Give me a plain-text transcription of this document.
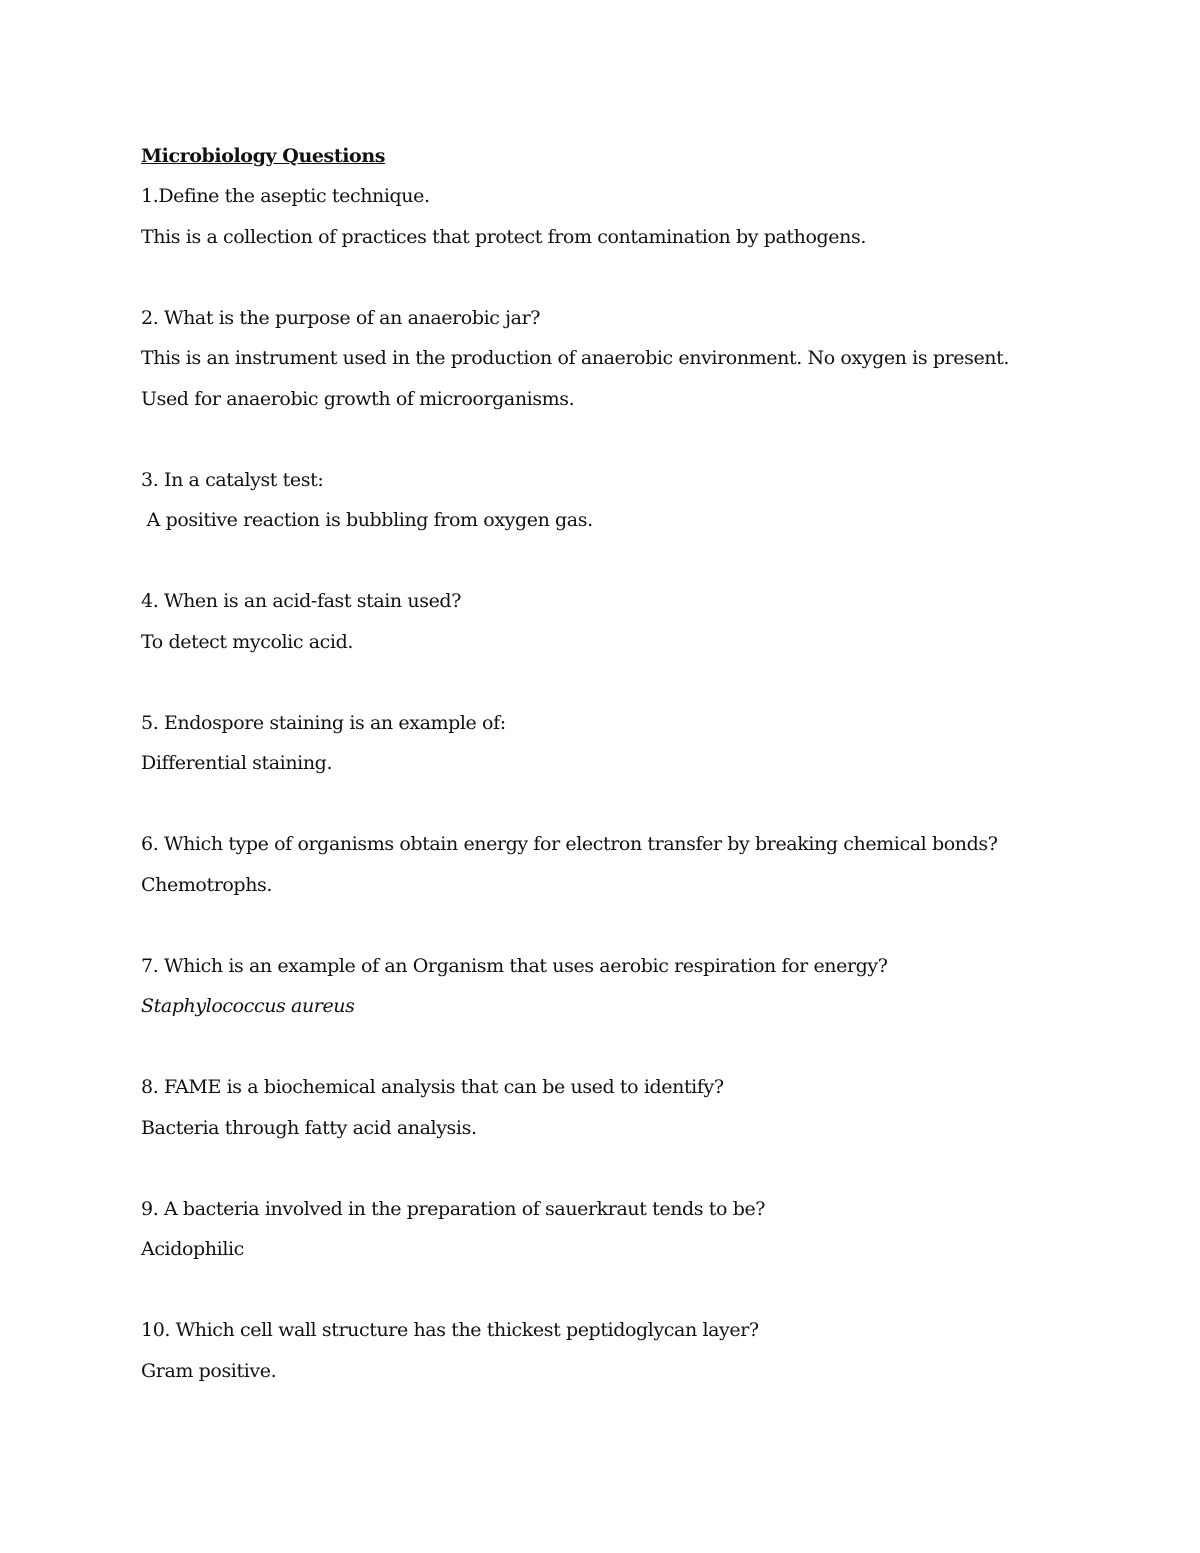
Microbiology Questions
1.Define the aseptic technique.
This is a collection of practices that protect from contamination by pathogens.
2. What is the purpose of an anaerobic jar?
This is an instrument used in the production of anaerobic environment. No oxygen is present.
Used for anaerobic growth of microorganisms.
3. In a catalyst test:
A positive reaction is bubbling from oxygen gas.
4. When is an acid-fast stain used?
To detect mycolic acid.
5. Endospore staining is an example of:
Differential staining.
6. Which type of organisms obtain energy for electron transfer by breaking chemical bonds?
Chemotrophs.
7. Which is an example of an Organism that uses aerobic respiration for energy?
Staphylococcus aureus
8. FAME is a biochemical analysis that can be used to identify?
Bacteria through fatty acid analysis.
9. A bacteria involved in the preparation of sauerkraut tends to be?
Acidophilic
10. Which cell wall structure has the thickest peptidoglycan layer?
Gram positive.
